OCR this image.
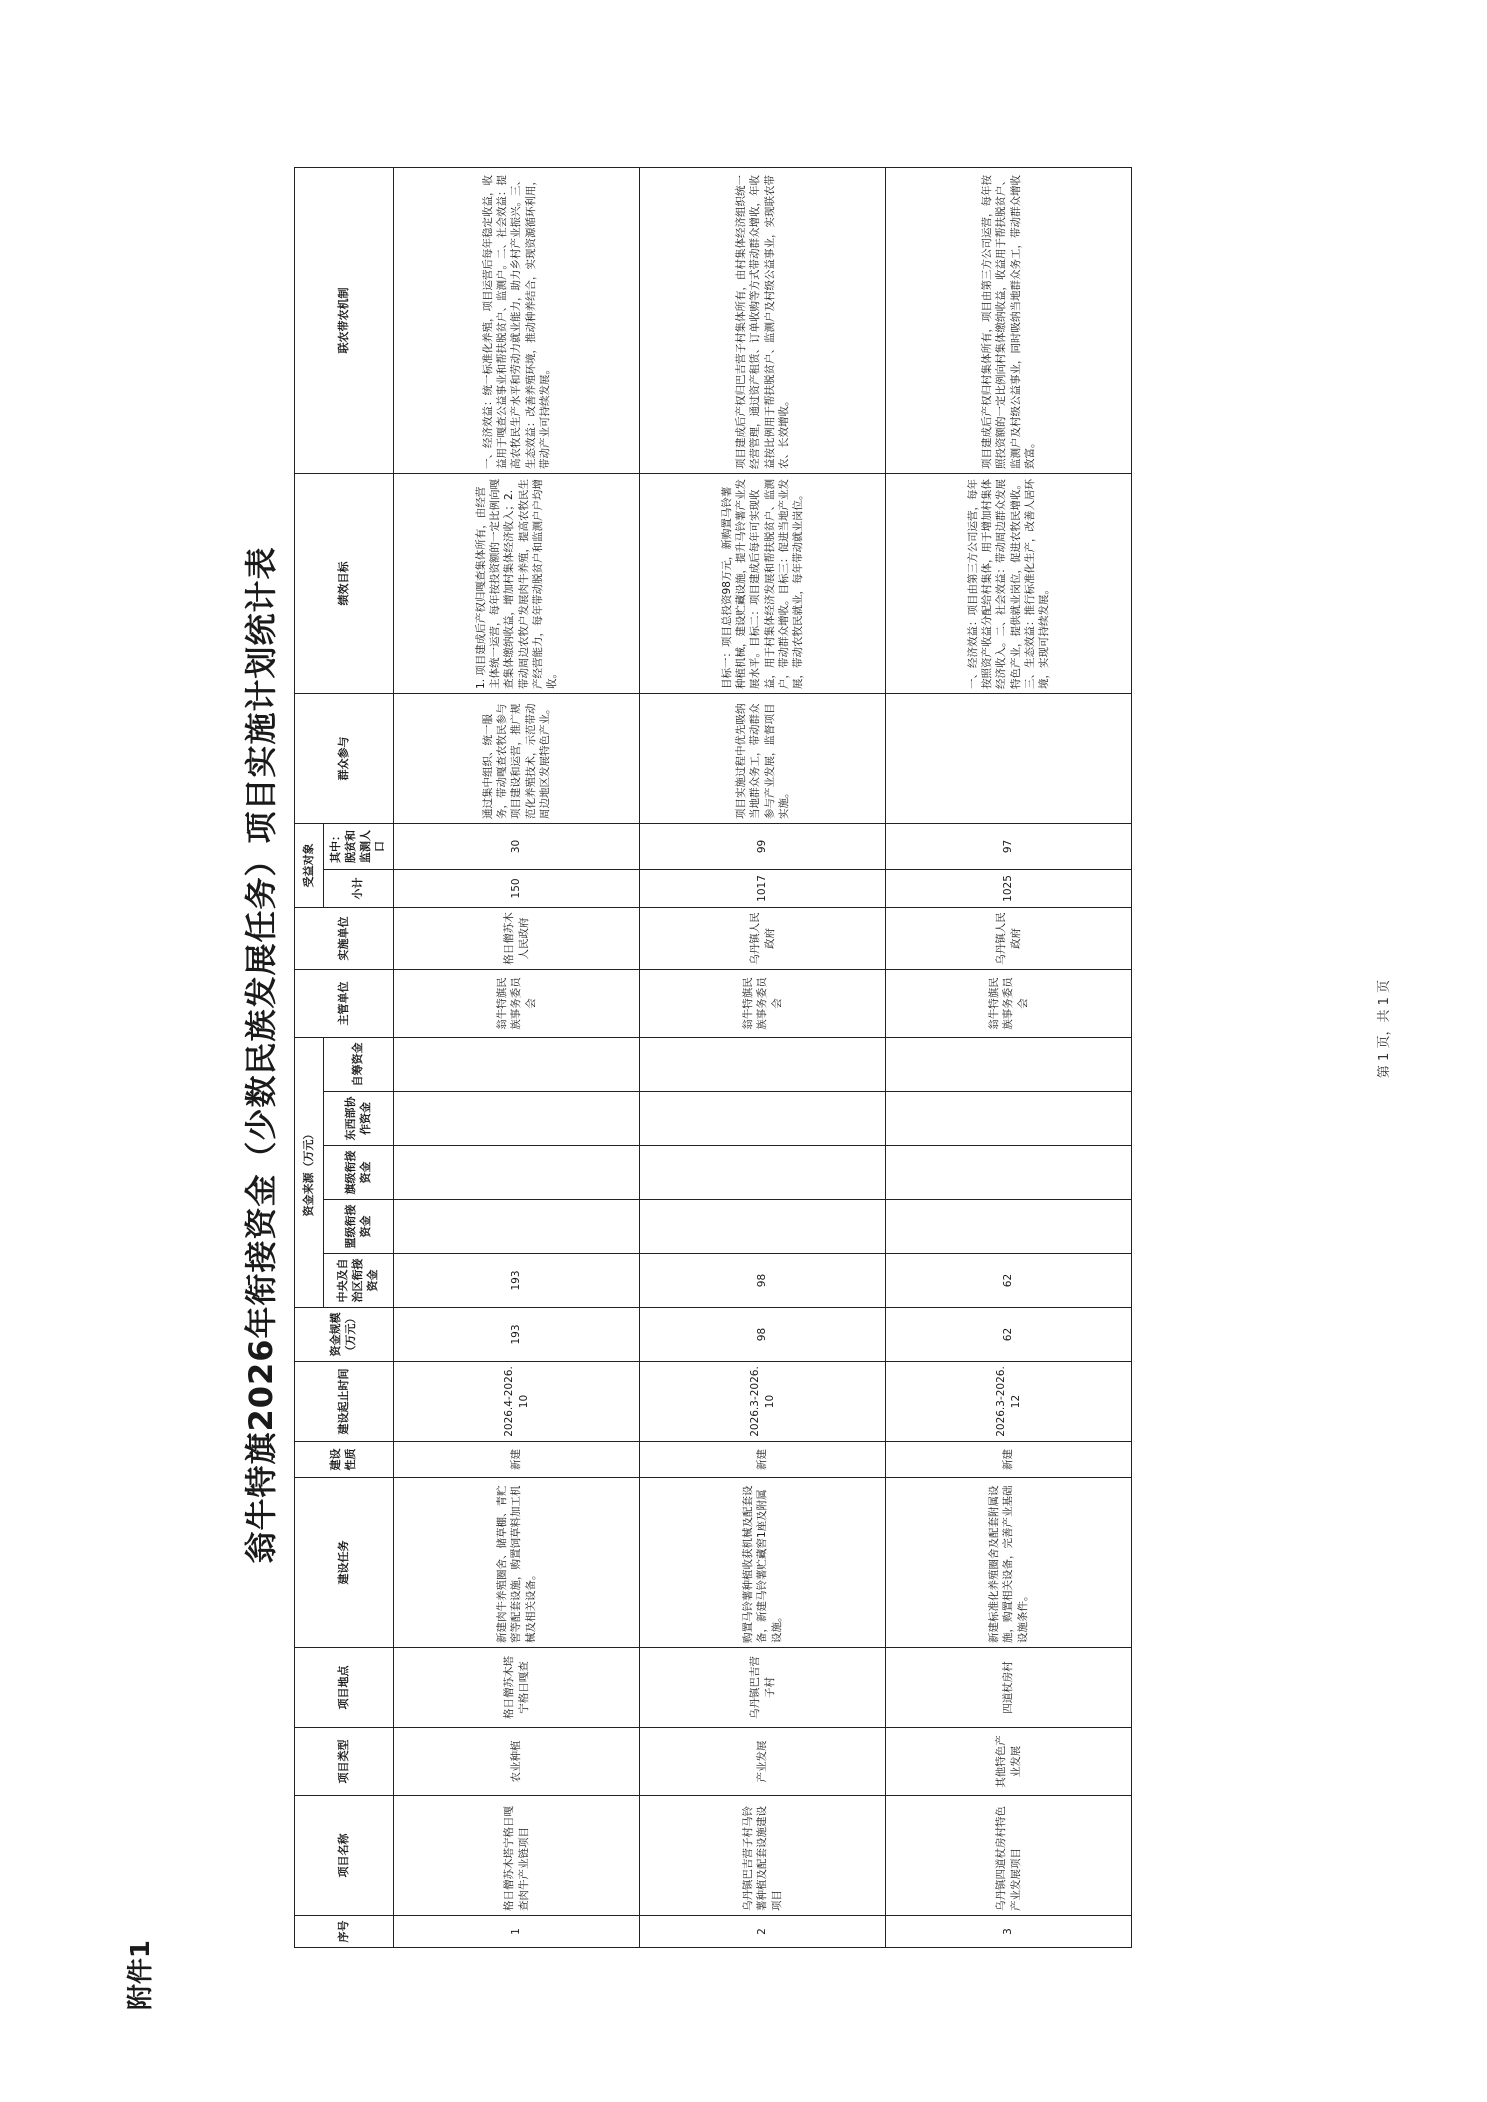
附件1
翁牛特旗2026年衔接资金（少数民族发展任务）项目实施计划统计表
序号	项目名称	项目类型	项目地点	建设任务	建设性质	建设起止时间	资金规模（万元）	资金来源（万元）					主管单位	实施单位	受益对象		群众参与	绩效目标	联农带农机制
								中央及自治区衔接资金	盟级衔接资金	旗级衔接资金	东西部协作资金	自筹资金			小计	其中：脱贫和监测人口			
1	格日僧苏木塔宁格日嘎查肉牛产业链项目	农业种植	格日僧苏木塔宁格日嘎查	新建肉牛养殖圈舍、储草棚、青贮窖等配套设施，购置饲草料加工机械及相关设备。	新建	2026.4-2026.10	193	193					翁牛特旗民族事务委员会	格日僧苏木人民政府	150	30	通过集中组织、统一服务，带动嘎查农牧民参与项目建设和运营，推广规范化养殖技术，示范带动周边地区发展特色产业。	1. 项目建成后产权归嘎查集体所有，由经营主体统一运营，每年按投资额的一定比例向嘎查集体缴纳收益，增加村集体经济收入；2. 带动周边农牧户发展肉牛养殖，提高农牧民生产经营能力，每年带动脱贫户和监测户户均增收。	一、经济效益：统一标准化养殖，项目运营后每年稳定收益，收益用于嘎查公益事业和帮扶脱贫户、监测户。二、社会效益：提高农牧民生产水平和劳动力就业能力，助力乡村产业振兴。三、生态效益：改善养殖环境，推动种养结合，实现资源循环利用，带动产业可持续发展。
2	乌丹镇巴吉营子村马铃薯种植及配套设施建设项目	产业发展	乌丹镇巴吉营子村	购置马铃薯种植收获机械及配套设备，新建马铃薯贮藏窖1座及附属设施。	新建	2026.3-2026.10	98	98					翁牛特旗民族事务委员会	乌丹镇人民政府	1017	99	项目实施过程中优先吸纳当地群众务工，带动群众参与产业发展，监督项目实施。	目标一：项目总投资98万元，新购置马铃薯种植机械，建设贮藏设施，提升马铃薯产业发展水平。目标二：项目建成后每年可实现收益，用于村集体经济发展和帮扶脱贫户、监测户，带动群众增收。目标三：促进当地产业发展，带动农牧民就业，每年带动就业岗位。	项目建成后产权归巴吉营子村集体所有，由村集体经济组织统一经营管理，通过资产租赁、订单收购等方式带动群众增收，年收益按比例用于帮扶脱贫户、监测户及村级公益事业，实现联农带农、长效增收。
3	乌丹镇四道杖房村特色产业发展项目	其他特色产业发展	四道杖房村	新建标准化养殖圈舍及配套附属设施，购置相关设备，完善产业基础设施条件。	新建	2026.3-2026.12	62	62					翁牛特旗民族事务委员会	乌丹镇人民政府	1025	97		一、经济效益：项目由第三方公司运营，每年按照资产收益分配给村集体，用于增加村集体经济收入。二、社会效益：带动周边群众发展特色产业，提供就业岗位，促进农牧民增收。三、生态效益：推行标准化生产，改善人居环境，实现可持续发展。	项目建成后产权归村集体所有，项目由第三方公司运营，每年按照投资额的一定比例向村集体缴纳收益，收益用于帮扶脱贫户、监测户及村级公益事业，同时吸纳当地群众务工，带动群众增收致富。
第 1 页，共 1 页
